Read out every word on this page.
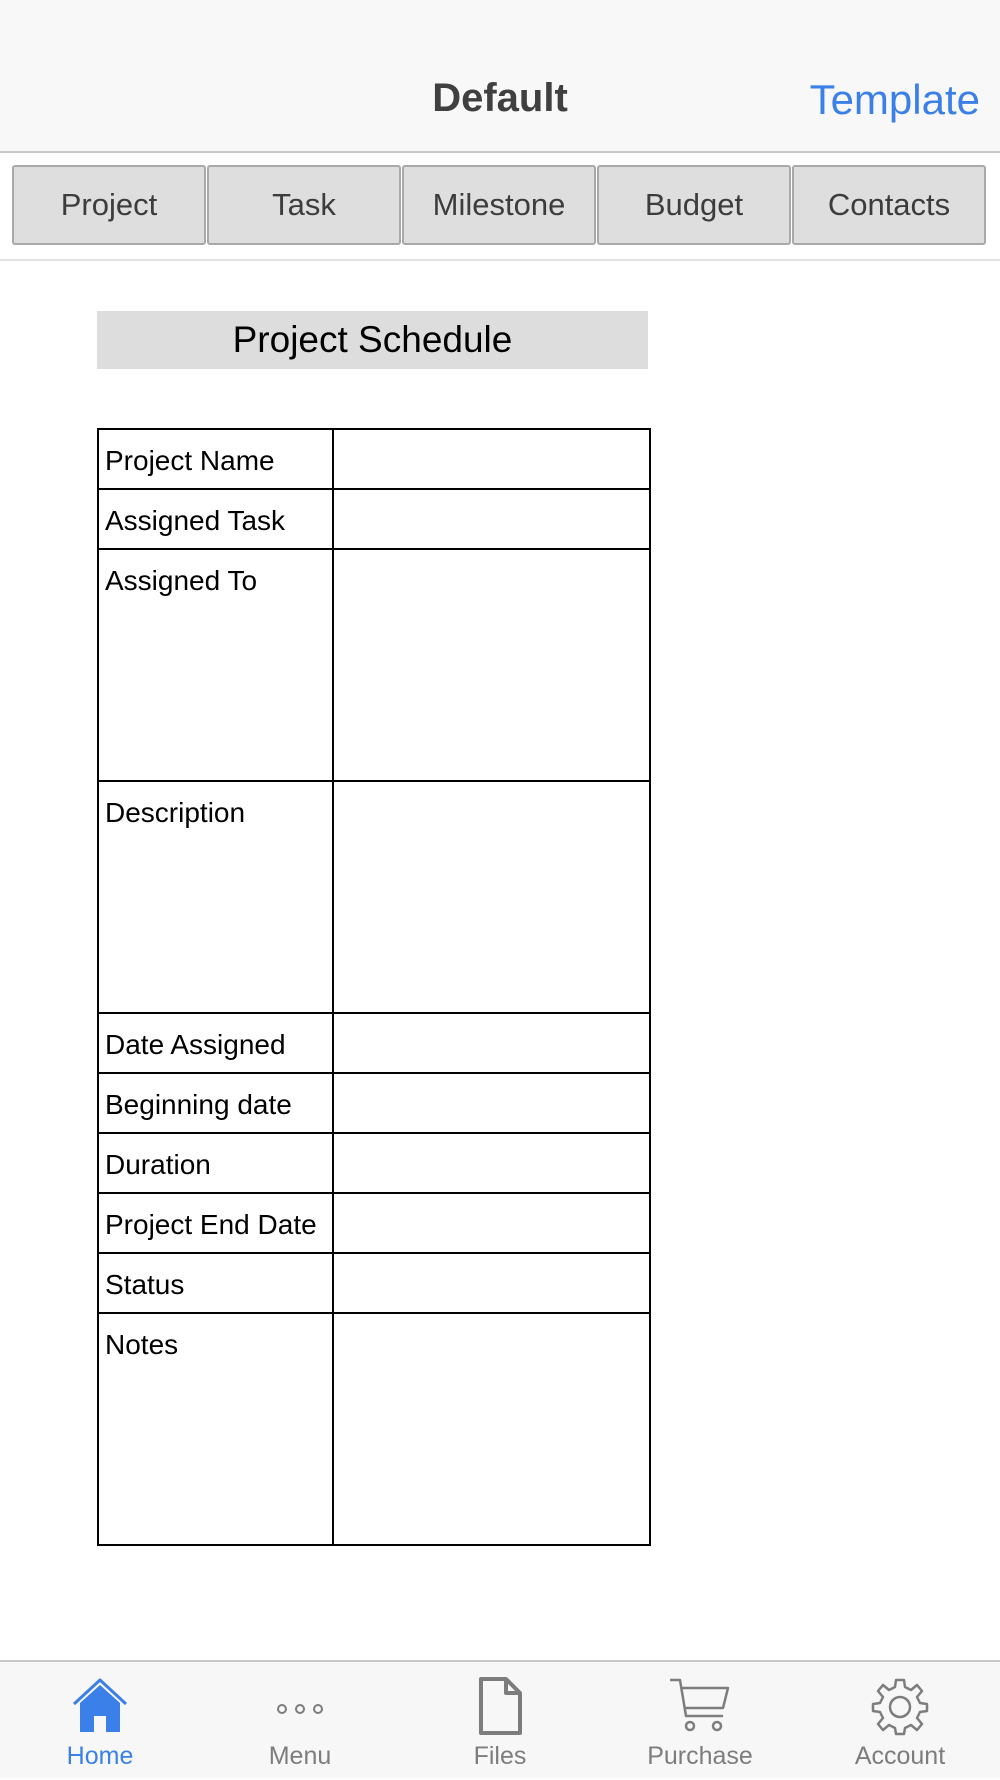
Default	Template
Project	Task	Milestone	Budget	Contacts
Project Schedule
Project Name	
Assigned Task	
Assigned To	
Description	
Date Assigned	
Beginning date	
Duration	
Project End Date	
Status	
Notes	
Home	Menu	Files	Purchase	Account
